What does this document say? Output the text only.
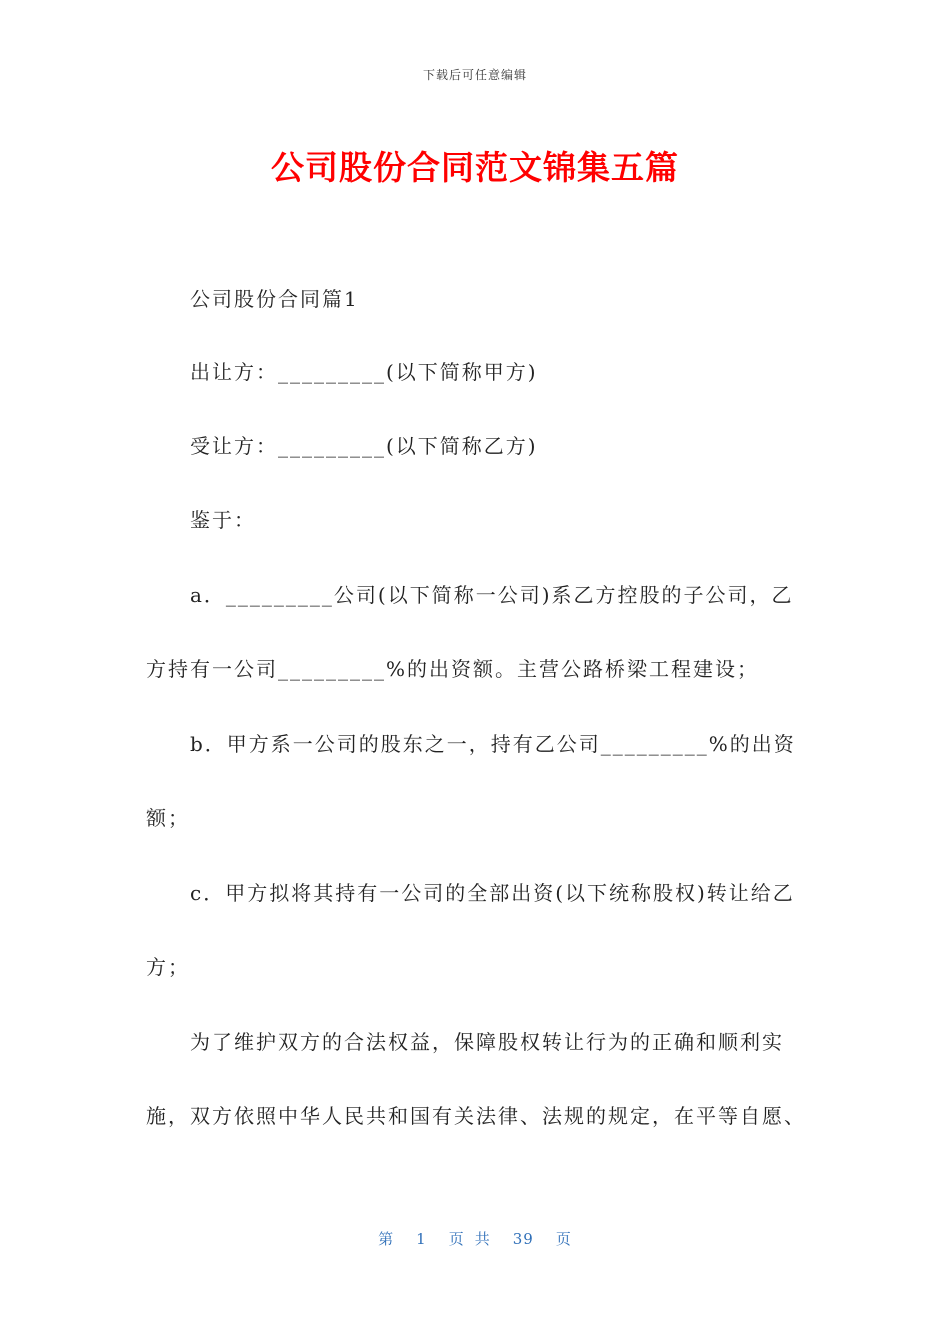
下载后可任意编辑
公司股份合同范文锦集五篇
公司股份合同篇1
出让方：_________(以下简称甲方)
受让方：_________(以下简称乙方)
鉴于：
a．_________公司(以下简称一公司)系乙方控股的子公司，乙
方持有一公司_________%的出资额。主营公路桥梁工程建设；
b．甲方系一公司的股东之一，持有乙公司_________%的出资
额；
c．甲方拟将其持有一公司的全部出资(以下统称股权)转让给乙
方；
为了维护双方的合法权益，保障股权转让行为的正确和顺利实
施，双方依照中华人民共和国有关法律、法规的规定，在平等自愿、
第 1 页 共 39 页
